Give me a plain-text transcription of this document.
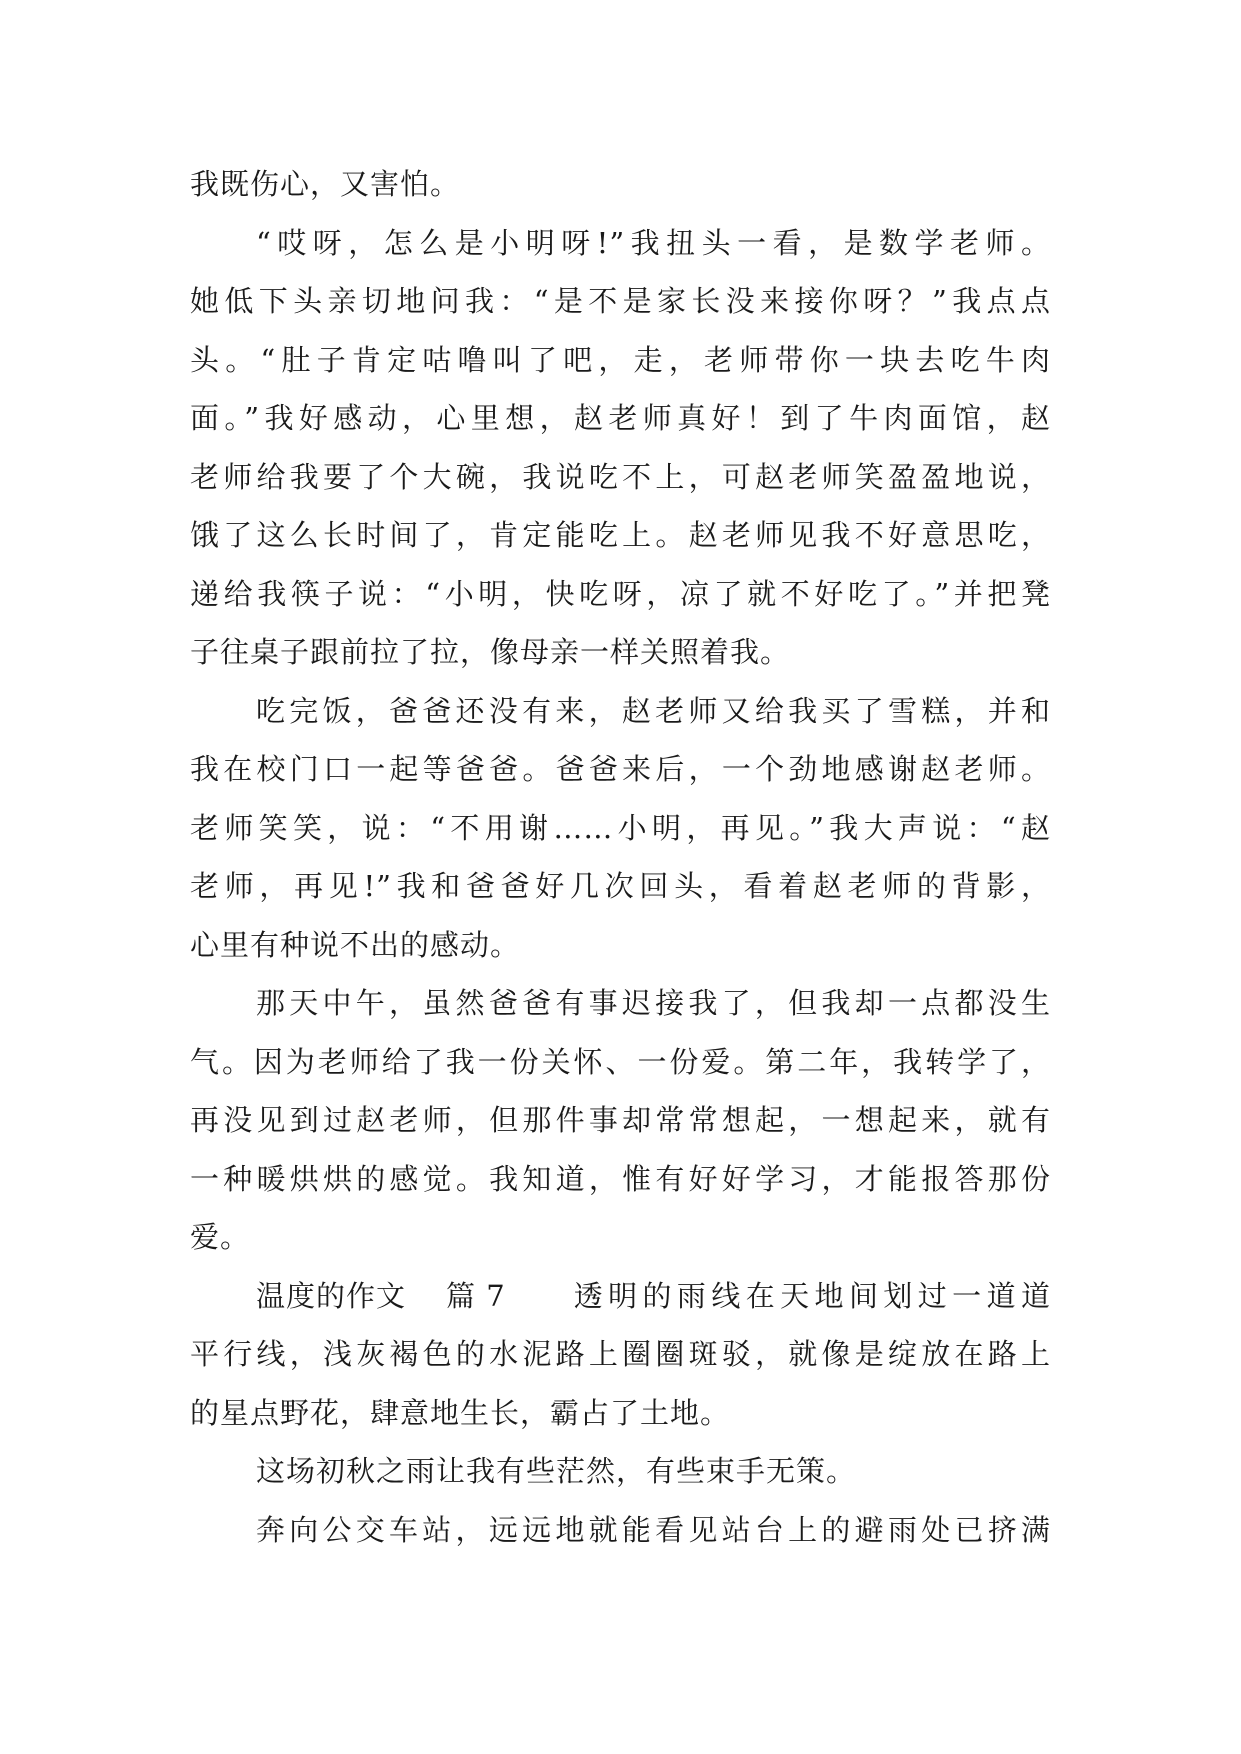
我既伤心，又害怕。
“哎呀，怎么是小明呀!”我扭头一看，是数学老师。
她低下头亲切地问我：“是不是家长没来接你呀？”我点点
头。“肚子肯定咕噜叫了吧，走，老师带你一块去吃牛肉
面。”我好感动，心里想，赵老师真好！到了牛肉面馆，赵
老师给我要了个大碗，我说吃不上，可赵老师笑盈盈地说，
饿了这么长时间了，肯定能吃上。赵老师见我不好意思吃，
递给我筷子说：“小明，快吃呀，凉了就不好吃了。”并把凳
子往桌子跟前拉了拉，像母亲一样关照着我。
吃完饭，爸爸还没有来，赵老师又给我买了雪糕，并和
我在校门口一起等爸爸。爸爸来后，一个劲地感谢赵老师。
老师笑笑，说：“不用谢……小明，再见。”我大声说：“赵
老师，再见!”我和爸爸好几次回头，看着赵老师的背影，
心里有种说不出的感动。
那天中午，虽然爸爸有事迟接我了，但我却一点都没生
气。因为老师给了我一份关怀、一份爱。第二年，我转学了，
再没见到过赵老师，但那件事却常常想起，一想起来，就有
一种暖烘烘的感觉。我知道，惟有好好学习，才能报答那份
爱。
温度的作文 篇 7 透明的雨线在天地间划过一道道
平行线，浅灰褐色的水泥路上圈圈斑驳，就像是绽放在路上
的星点野花，肆意地生长，霸占了土地。
这场初秋之雨让我有些茫然，有些束手无策。
奔向公交车站，远远地就能看见站台上的避雨处已挤满
